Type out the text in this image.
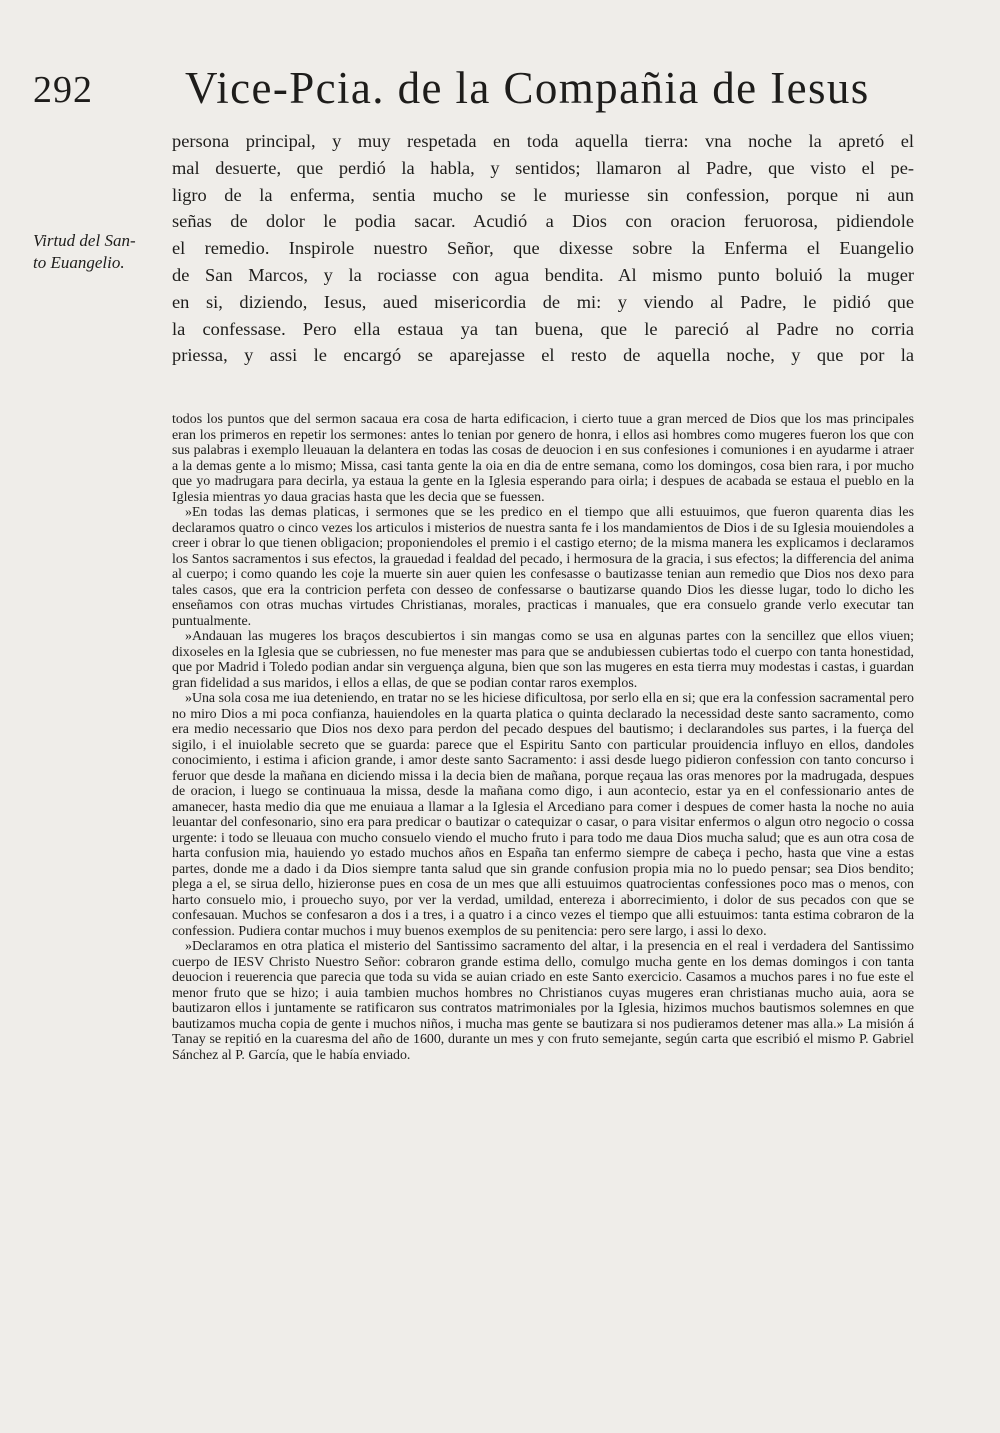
292 Vice-Pcia. de la Compañia de Iesus
Virtud del San-
to Euangelio.
persona principal, y muy respetada en toda aquella tierra: vna noche la apretó el
mal desuerte, que perdió la habla, y sentidos; llamaron al Padre, que visto el pe-
ligro de la enferma, sentia mucho se le muriesse sin confession, porque ni aun
señas de dolor le podia sacar. Acudió a Dios con oracion feruorosa, pidiendole
el remedio. Inspirole nuestro Señor, que dixesse sobre la Enferma el Euangelio
de San Marcos, y la rociasse con agua bendita. Al mismo punto boluió la muger
en si, diziendo, Iesus, aued misericordia de mi: y viendo al Padre, le pidió que
la confessase. Pero ella estaua ya tan buena, que le pareció al Padre no corria
priessa, y assi le encargó se aparejasse el resto de aquella noche, y que por la

todos los puntos que del sermon sacaua era cosa de harta edificacion, i cierto tuue a gran merced de Dios que los mas principales eran los primeros en repetir los sermones: antes lo tenian por genero de honra, i ellos asi hombres como mugeres fueron los que con sus palabras i exemplo lleuauan la delantera en todas las cosas de deuocion i en sus confesiones i comuniones i en ayudarme i atraer a la demas gente a lo mismo; Missa, casi tanta gente la oia en dia de entre semana, como los domingos, cosa bien rara, i por mucho que yo madrugara para decirla, ya estaua la gente en la Iglesia esperando para oirla; i despues de acabada se estaua el pueblo en la Iglesia mientras yo daua gracias hasta que les decia que se fuessen.

»En todas las demas platicas, i sermones que se les predico en el tiempo que alli estuuimos, que fueron quarenta dias les declaramos quatro o cinco vezes los articulos i misterios de nuestra santa fe i los mandamientos de Dios i de su Iglesia mouiendoles a creer i obrar lo que tienen obligacion; proponiendoles el premio i el castigo eterno; de la misma manera les explicamos i declaramos los Santos sacramentos i sus efectos, la grauedad i fealdad del pecado, i hermosura de la gracia, i sus efectos; la differencia del anima al cuerpo; i como quando les coje la muerte sin auer quien les confesasse o bautizasse tenian aun remedio que Dios nos dexo para tales casos, que era la contricion perfeta con desseo de confessarse o bautizarse quando Dios les diesse lugar, todo lo dicho les enseñamos con otras muchas virtudes Christianas, morales, practicas i manuales, que era consuelo grande verlo executar tan puntualmente.

»Andauan las mugeres los braços descubiertos i sin mangas como se usa en algunas partes con la sencillez que ellos viuen; dixoseles en la Iglesia que se cubriessen, no fue menester mas para que se andubiessen cubiertas todo el cuerpo con tanta honestidad, que por Madrid i Toledo podian andar sin verguença alguna, bien que son las mugeres en esta tierra muy modestas i castas, i guardan gran fidelidad a sus maridos, i ellos a ellas, de que se podian contar raros exemplos.

»Una sola cosa me iua deteniendo, en tratar no se les hiciese dificultosa, por serlo ella en si; que era la confession sacramental pero no miro Dios a mi poca confianza, hauiendoles en la quarta platica o quinta declarado la necessidad deste santo sacramento, como era medio necessario que Dios nos dexo para perdon del pecado despues del bautismo; i declarandoles sus partes, i la fuerça del sigilo, i el inuiolable secreto que se guarda: parece que el Espiritu Santo con particular prouidencia influyo en ellos, dandoles conocimiento, i estima i aficion grande, i amor deste santo Sacramento: i assi desde luego pidieron confession con tanto concurso i feruor que desde la mañana en diciendo missa i la decia bien de mañana, porque reçaua las oras menores por la madrugada, despues de oracion, i luego se continuaua la missa, desde la mañana como digo, i aun acontecio, estar ya en el confessionario antes de amanecer, hasta medio dia que me enuiaua a llamar a la Iglesia el Arcediano para comer i despues de comer hasta la noche no auia leuantar del confesonario, sino era para predicar o bautizar o catequizar o casar, o para visitar enfermos o algun otro negocio o cossa urgente: i todo se lleuaua con mucho consuelo viendo el mucho fruto i para todo me daua Dios mucha salud; que es aun otra cosa de harta confusion mia, hauiendo yo estado muchos años en España tan enfermo siempre de cabeça i pecho, hasta que vine a estas partes, donde me a dado i da Dios siempre tanta salud que sin grande confusion propia mia no lo puedo pensar; sea Dios bendito; plega a el, se sirua dello, hizieronse pues en cosa de un mes que alli estuuimos quatrocientas confessiones poco mas o menos, con harto consuelo mio, i prouecho suyo, por ver la verdad, umildad, entereza i aborrecimiento, i dolor de sus pecados con que se confesauan. Muchos se confesaron a dos i a tres, i a quatro i a cinco vezes el tiempo que alli estuuimos: tanta estima cobraron de la confession. Pudiera contar muchos i muy buenos exemplos de su penitencia: pero sere largo, i assi lo dexo.

»Declaramos en otra platica el misterio del Santissimo sacramento del altar, i la presencia en el real i verdadera del Santissimo cuerpo de IESV Christo Nuestro Señor: cobraron grande estima dello, comulgo mucha gente en los demas domingos i con tanta deuocion i reuerencia que parecia que toda su vida se auian criado en este Santo exercicio. Casamos a muchos pares i no fue este el menor fruto que se hizo; i auia tambien muchos hombres no Christianos cuyas mugeres eran christianas mucho auia, aora se bautizaron ellos i juntamente se ratificaron sus contratos matrimoniales por la Iglesia, hizimos muchos bautismos solemnes en que bautizamos mucha copia de gente i muchos niños, i mucha mas gente se bautizara si nos pudieramos detener mas alla.» La misión á Tanay se repitió en la cuaresma del año de 1600, durante un mes y con fruto semejante, según carta que escribió el mismo P. Gabriel Sánchez al P. García, que le había enviado.
